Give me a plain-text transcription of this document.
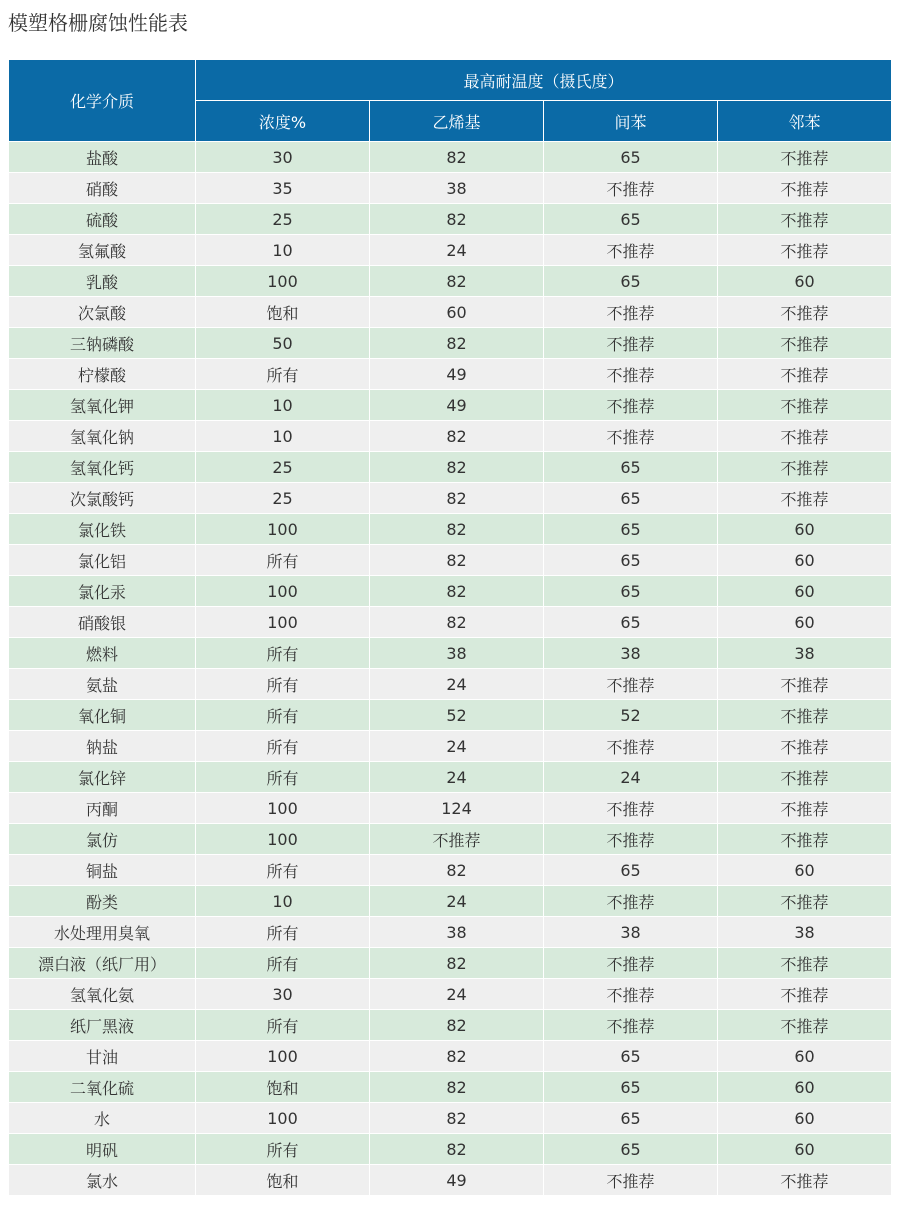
模塑格栅腐蚀性能表
化学介质	最高耐温度（摄氏度）			
	浓度%	乙烯基	间苯	邻苯
盐酸	30	82	65	不推荐
硝酸	35	38	不推荐	不推荐
硫酸	25	82	65	不推荐
氢氟酸	10	24	不推荐	不推荐
乳酸	100	82	65	60
次氯酸	饱和	60	不推荐	不推荐
三钠磷酸	50	82	不推荐	不推荐
柠檬酸	所有	49	不推荐	不推荐
氢氧化钾	10	49	不推荐	不推荐
氢氧化钠	10	82	不推荐	不推荐
氢氧化钙	25	82	65	不推荐
次氯酸钙	25	82	65	不推荐
氯化铁	100	82	65	60
氯化铝	所有	82	65	60
氯化汞	100	82	65	60
硝酸银	100	82	65	60
燃料	所有	38	38	38
氨盐	所有	24	不推荐	不推荐
氧化铜	所有	52	52	不推荐
钠盐	所有	24	不推荐	不推荐
氯化锌	所有	24	24	不推荐
丙酮	100	124	不推荐	不推荐
氯仿	100	不推荐	不推荐	不推荐
铜盐	所有	82	65	60
酚类	10	24	不推荐	不推荐
水处理用臭氧	所有	38	38	38
漂白液（纸厂用）	所有	82	不推荐	不推荐
氢氧化氨	30	24	不推荐	不推荐
纸厂黑液	所有	82	不推荐	不推荐
甘油	100	82	65	60
二氧化硫	饱和	82	65	60
水	100	82	65	60
明矾	所有	82	65	60
氯水	饱和	49	不推荐	不推荐
